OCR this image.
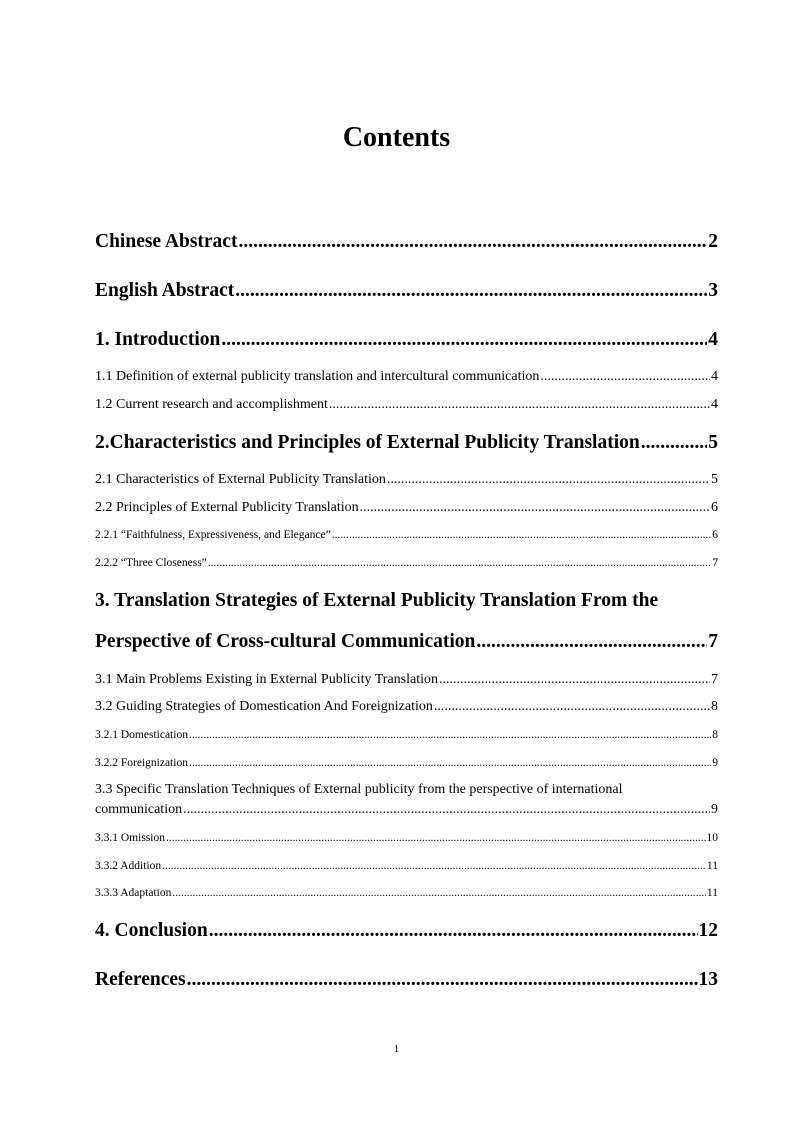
Contents
Chinese Abstract .....	2
English Abstract .....	3
1. Introduction .....	4
1.1 Definition of external publicity translation and intercultural communication .....	4
1.2 Current research and accomplishment .....	4
2.Characteristics and Principles of External Publicity Translation .....	5
2.1 Characteristics of External Publicity Translation .....	5
2.2 Principles of External Publicity Translation .....	6
2.2.1 “Faithfulness, Expressiveness, and Elegance” .....	6
2.2.2 “Three Closeness” .....	7
3. Translation Strategies of External Publicity Translation From the
Perspective of Cross-cultural Communication .....	7
3.1 Main Problems Existing in External Publicity Translation .....	7
3.2 Guiding Strategies of Domestication And Foreignization .....	8
3.2.1 Domestication .....	8
3.2.2 Foreignization .....	9
3.3 Specific Translation Techniques of External publicity from the perspective of international
communication .....	9
3.3.1 Omission .....	10
3.3.2 Addition .....	11
3.3.3 Adaptation .....	11
4. Conclusion .....	12
References .....	13
1
